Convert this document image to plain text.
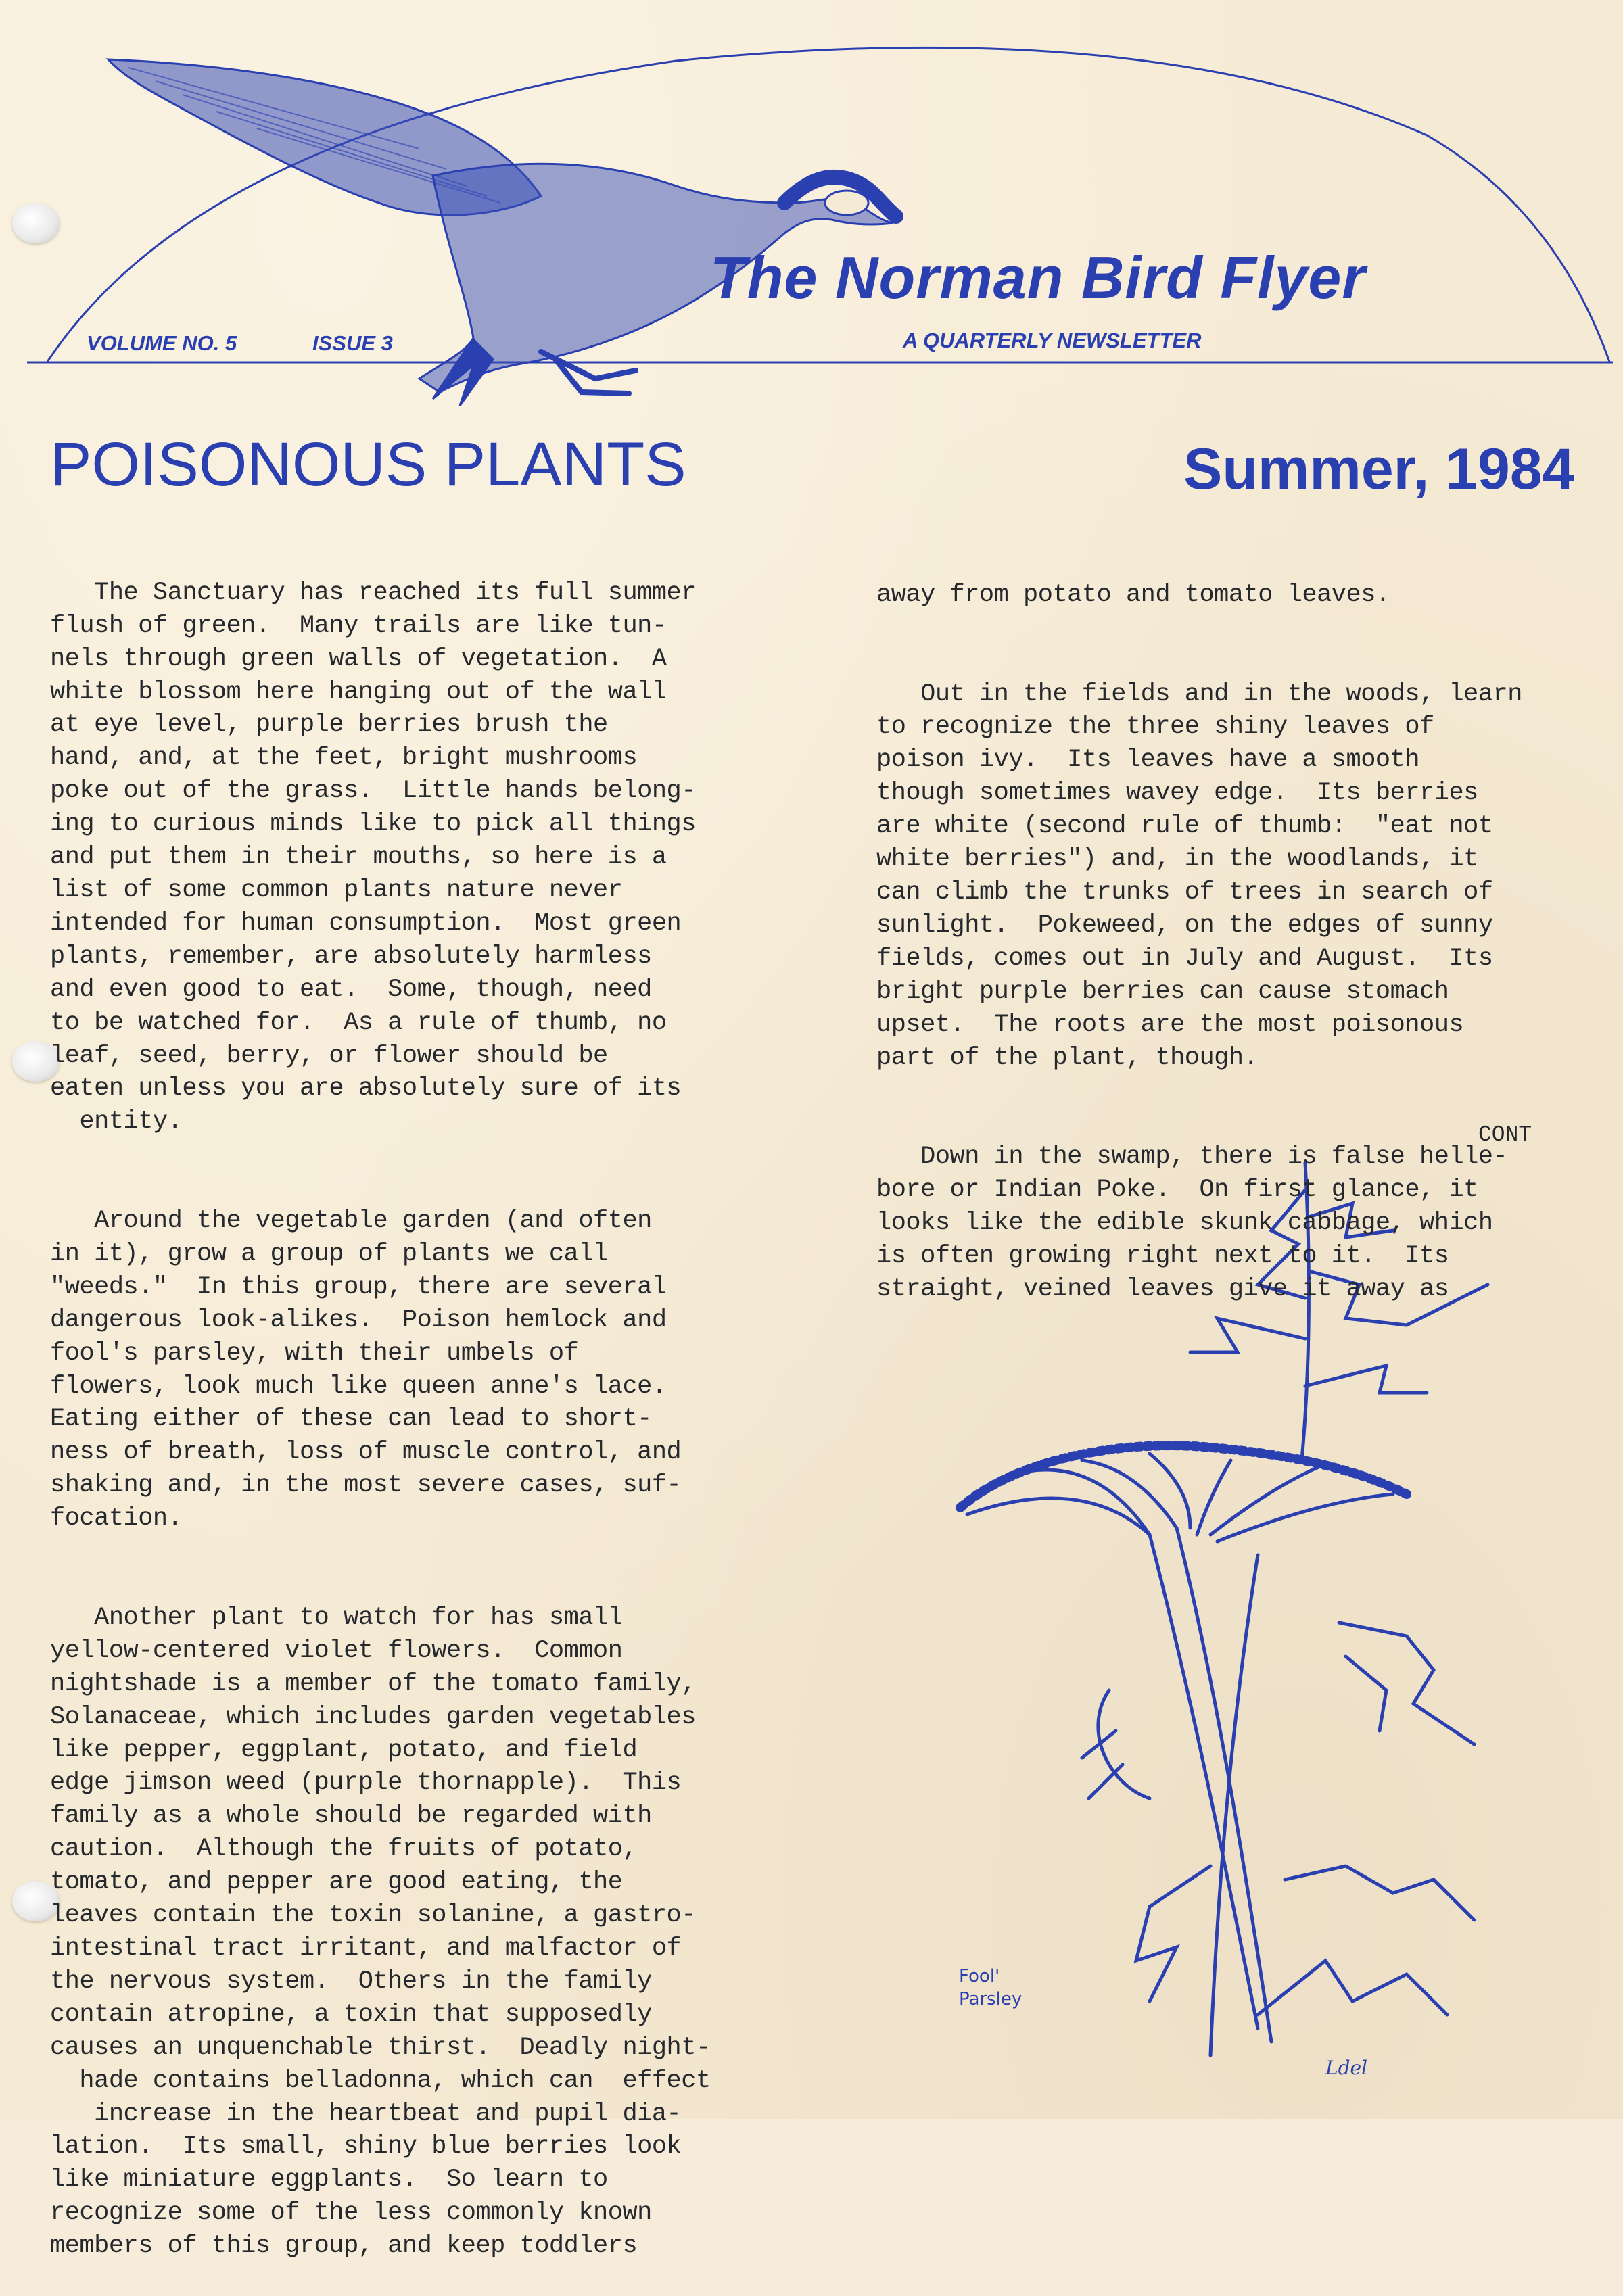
The Norman Bird Flyer
A QUARTERLY NEWSLETTER
VOLUME NO. 5	ISSUE 3
POISONOUS PLANTS	Summer, 1984

The Sanctuary has reached its full summer
flush of green.  Many trails are like tun-
nels through green walls of vegetation.  A
white blossom here hanging out of the wall
at eye level, purple berries brush the
hand, and, at the feet, bright mushrooms
poke out of the grass.  Little hands belong-
ing to curious minds like to pick all things
and put them in their mouths, so here is a
list of some common plants nature never
intended for human consumption.  Most green
plants, remember, are absolutely harmless
and even good to eat.  Some, though, need
to be watched for.  As a rule of thumb, no
leaf, seed, berry, or flower should be
eaten unless you are absolutely sure of its
entity.

Around the vegetable garden (and often
in it), grow a group of plants we call
"weeds."  In this group, there are several
dangerous look-alikes.  Poison hemlock and
fool's parsley, with their umbels of
flowers, look much like queen anne's lace.
Eating either of these can lead to short-
ness of breath, loss of muscle control, and
shaking and, in the most severe cases, suf-
focation.

Another plant to watch for has small
yellow-centered violet flowers.  Common
nightshade is a member of the tomato family,
Solanaceae, which includes garden vegetables
like pepper, eggplant, potato, and field
edge jimson weed (purple thornapple).  This
family as a whole should be regarded with
caution.  Although the fruits of potato,
tomato, and pepper are good eating, the
leaves contain the toxin solanine, a gastro-
intestinal tract irritant, and malfactor of
the nervous system.  Others in the family
contain atropine, a toxin that supposedly
causes an unquenchable thirst.  Deadly night-
hade contains belladonna, which can  effect
increase in the heartbeat and pupil dia-
lation.  Its small, shiny blue berries look
like miniature eggplants.  So learn to
recognize some of the less commonly known
members of this group, and keep toddlers

away from potato and tomato leaves.

Out in the fields and in the woods, learn
to recognize the three shiny leaves of
poison ivy.  Its leaves have a smooth
though sometimes wavey edge.  Its berries
are white (second rule of thumb:  "eat not
white berries") and, in the woodlands, it
can climb the trunks of trees in search of
sunlight.  Pokeweed, on the edges of sunny
fields, comes out in July and August.  Its
bright purple berries can cause stomach
upset.  The roots are the most poisonous
part of the plant, though.

Down in the swamp, there is false helle-
bore or Indian Poke.  On first glance, it
looks like the edible skunk cabbage, which
is often growing right next to it.  Its
straight, veined leaves give it away as

CONT
Fool'
Parsley
Ldel
